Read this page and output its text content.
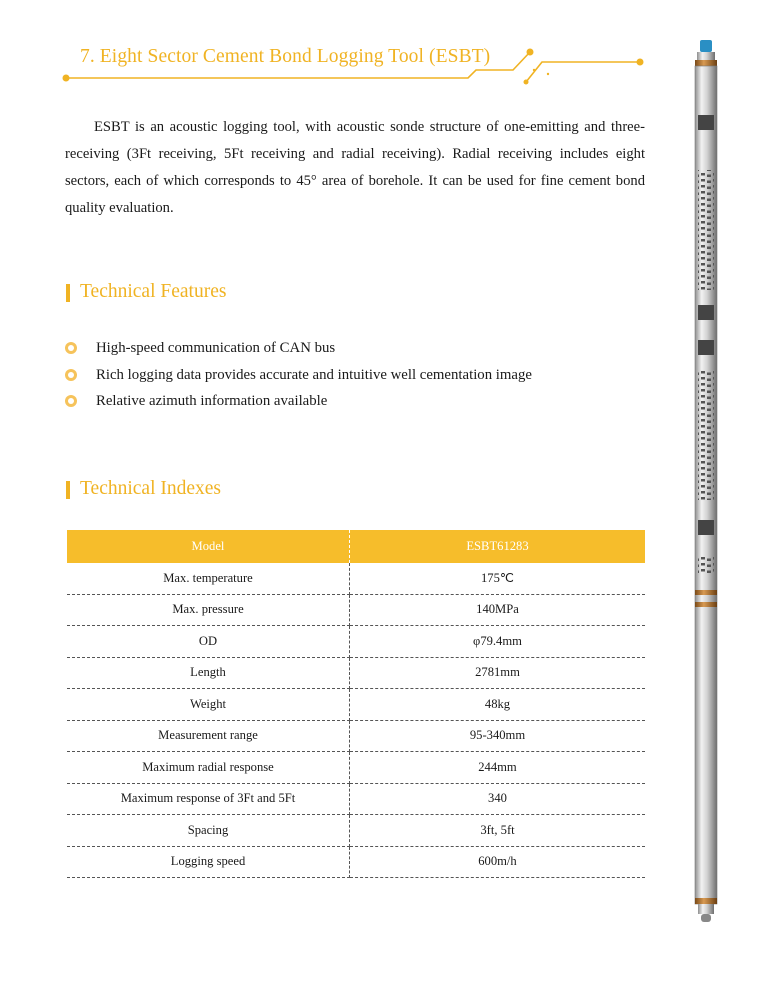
7. Eight Sector Cement Bond Logging Tool (ESBT)

ESBT is an acoustic logging tool, with acoustic sonde structure of one-emitting and three-receiving (3Ft receiving, 5Ft receiving and radial receiving). Radial receiving includes eight sectors, each of which corresponds to 45° area of borehole. It can be used for fine cement bond quality evaluation.

Technical Features
High-speed communication of CAN bus
Rich logging data provides accurate and intuitive well cementation image
Relative azimuth information available
Technical Indexes
Model	ESBT61283
Max. temperature	175℃
Max. pressure	140MPa
OD	φ79.4mm
Length	2781mm
Weight	48kg
Measurement range	95-340mm
Maximum radial response	244mm
Maximum response of 3Ft and 5Ft	340
Spacing	3ft, 5ft
Logging speed	600m/h
